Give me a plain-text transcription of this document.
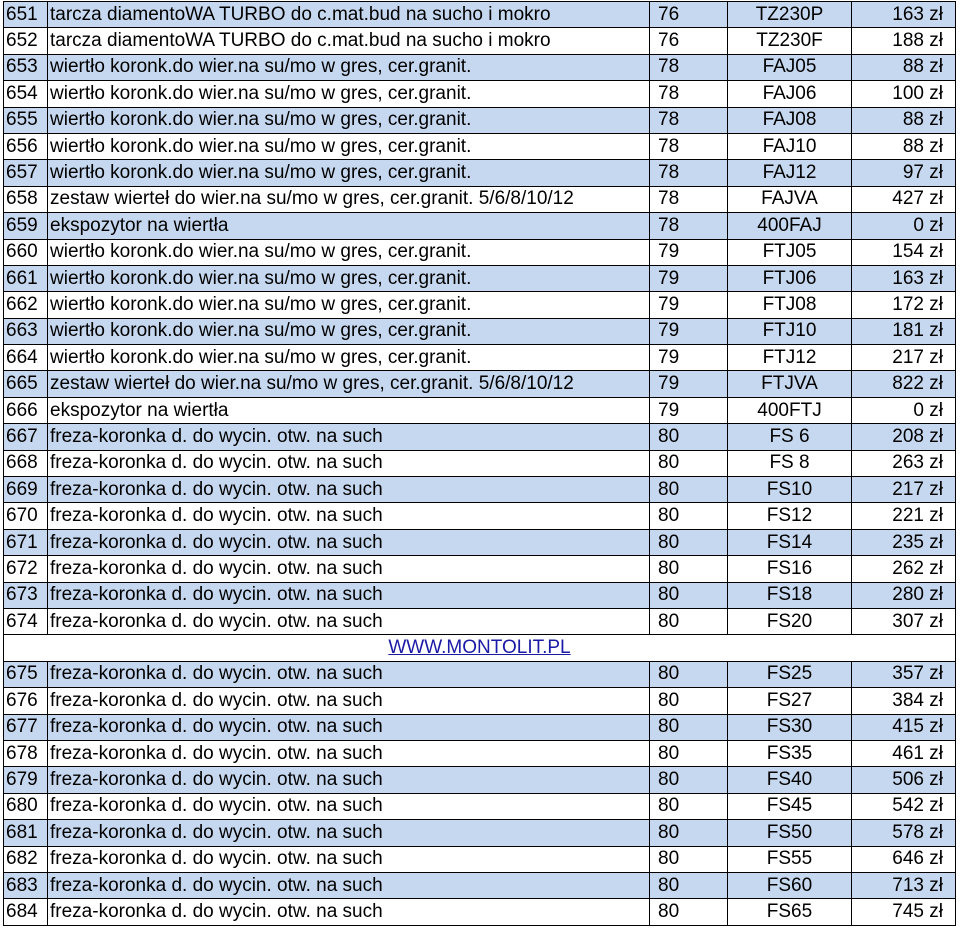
651	tarcza diamentoWA TURBO do c.mat.bud na sucho i mokro	76	TZ230P	163 zł
652	tarcza diamentoWA TURBO do c.mat.bud na sucho i mokro	76	TZ230F	188 zł
653	wiertło koronk.do wier.na su/mo w gres, cer.granit.	78	FAJ05	88 zł
654	wiertło koronk.do wier.na su/mo w gres, cer.granit.	78	FAJ06	100 zł
655	wiertło koronk.do wier.na su/mo w gres, cer.granit.	78	FAJ08	88 zł
656	wiertło koronk.do wier.na su/mo w gres, cer.granit.	78	FAJ10	88 zł
657	wiertło koronk.do wier.na su/mo w gres, cer.granit.	78	FAJ12	97 zł
658	zestaw wierteł do wier.na su/mo w gres, cer.granit. 5/6/8/10/12	78	FAJVA	427 zł
659	ekspozytor na wiertła	78	400FAJ	0 zł
660	wiertło koronk.do wier.na su/mo w gres, cer.granit.	79	FTJ05	154 zł
661	wiertło koronk.do wier.na su/mo w gres, cer.granit.	79	FTJ06	163 zł
662	wiertło koronk.do wier.na su/mo w gres, cer.granit.	79	FTJ08	172 zł
663	wiertło koronk.do wier.na su/mo w gres, cer.granit.	79	FTJ10	181 zł
664	wiertło koronk.do wier.na su/mo w gres, cer.granit.	79	FTJ12	217 zł
665	zestaw wierteł do wier.na su/mo w gres, cer.granit. 5/6/8/10/12	79	FTJVA	822 zł
666	ekspozytor na wiertła	79	400FTJ	0 zł
667	freza-koronka d. do wycin. otw. na such	80	FS 6	208 zł
668	freza-koronka d. do wycin. otw. na such	80	FS 8	263 zł
669	freza-koronka d. do wycin. otw. na such	80	FS10	217 zł
670	freza-koronka d. do wycin. otw. na such	80	FS12	221 zł
671	freza-koronka d. do wycin. otw. na such	80	FS14	235 zł
672	freza-koronka d. do wycin. otw. na such	80	FS16	262 zł
673	freza-koronka d. do wycin. otw. na such	80	FS18	280 zł
674	freza-koronka d. do wycin. otw. na such	80	FS20	307 zł
WWW.MONTOLIT.PL				
675	freza-koronka d. do wycin. otw. na such	80	FS25	357 zł
676	freza-koronka d. do wycin. otw. na such	80	FS27	384 zł
677	freza-koronka d. do wycin. otw. na such	80	FS30	415 zł
678	freza-koronka d. do wycin. otw. na such	80	FS35	461 zł
679	freza-koronka d. do wycin. otw. na such	80	FS40	506 zł
680	freza-koronka d. do wycin. otw. na such	80	FS45	542 zł
681	freza-koronka d. do wycin. otw. na such	80	FS50	578 zł
682	freza-koronka d. do wycin. otw. na such	80	FS55	646 zł
683	freza-koronka d. do wycin. otw. na such	80	FS60	713 zł
684	freza-koronka d. do wycin. otw. na such	80	FS65	745 zł
